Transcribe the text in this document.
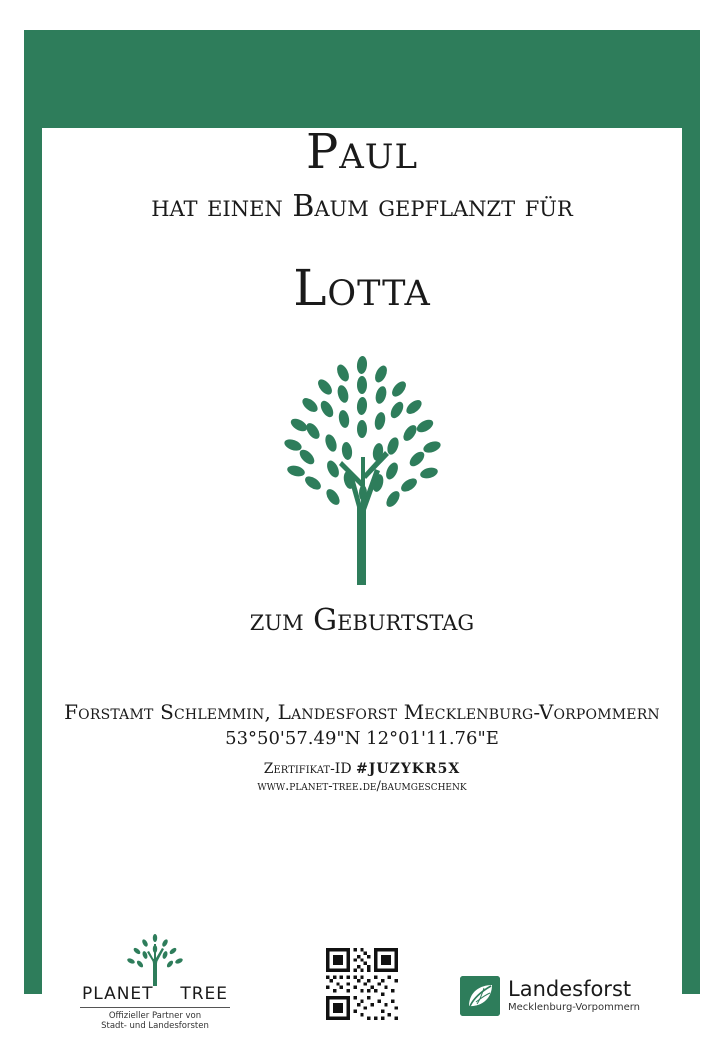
Paul
hat einen Baum gepflanzt für
Lotta
zum Geburtstag
Forstamt Schlemmin, Landesforst Mecklenburg-Vorpommern
53°50'57.49"N 12°01'11.76"E
Zertifikat-ID #JUZYKR5X
www.planet-tree.de/baumgeschenk
PLANET TREE
Offizieller Partner von
Stadt- und Landesforsten
Landesforst
Mecklenburg-Vorpommern
